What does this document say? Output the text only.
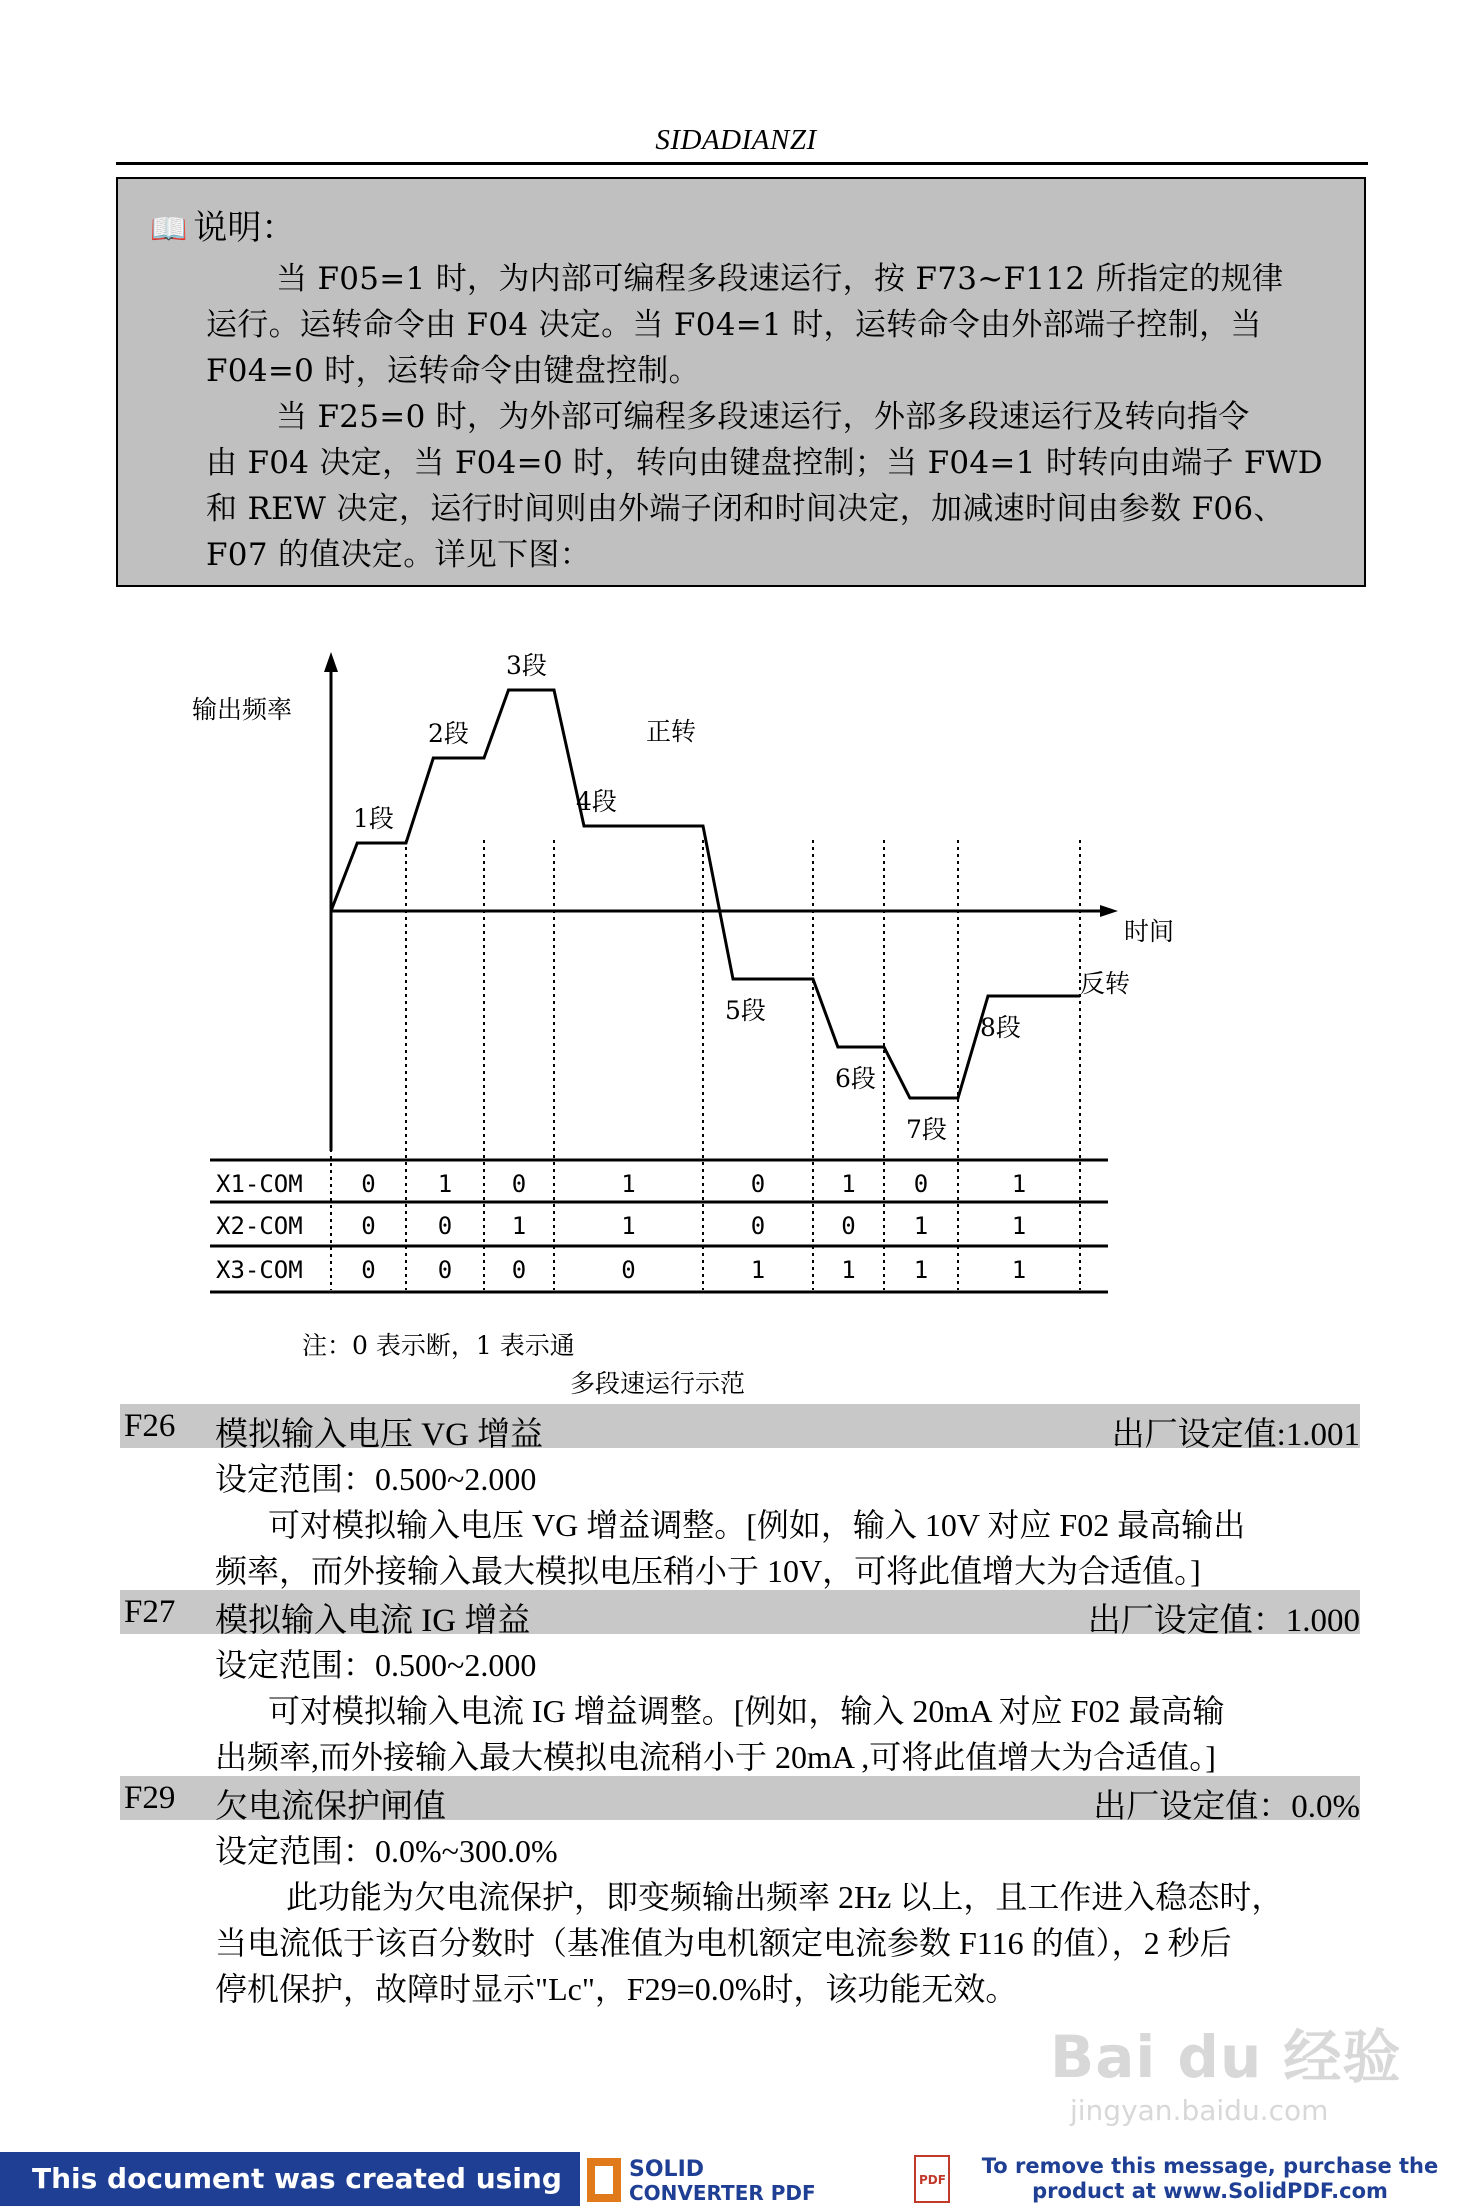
SIDADIANZI
📖 说明：
当 F05=1 时，为内部可编程多段速运行，按 F73~F112 所指定的规律
运行。运转命令由 F04 决定。当 F04=1 时，运转命令由外部端子控制，当
F04=0 时，运转命令由键盘控制。
当 F25=0 时，为外部可编程多段速运行，外部多段速运行及转向指令
由 F04 决定，当 F04=0 时，转向由键盘控制；当 F04=1 时转向由端子 FWD
和 REW 决定，运行时间则由外端子闭和时间决定，加减速时间由参数 F06、
F07 的值决定。详见下图：
1段
2段
3段
4段
5段
6段
7段
8段
X1-COM 0	1 0	1	0	1 0	1
X2-COM 0	0 1	1	0	0 1	1
X3-COM 0	0 0	0	1	1 1	1
输出频率
时间
正转
反转
注：0 表示断，1 表示通
多段速运行示范
F26 模拟输入电压 VG 增益	出厂设定值:1.001
设定范围：0.500~2.000
可对模拟输入电压 VG 增益调整。[例如，输入 10V 对应 F02 最高输出
频率，而外接输入最大模拟电压稍小于 10V，可将此值增大为合适值。]
F27 模拟输入电流 IG 增益	出厂设定值：1.000
设定范围：0.500~2.000
可对模拟输入电流 IG 增益调整。[例如，输入 20mA 对应 F02 最高输
出频率,而外接输入最大模拟电流稍小于 20mA ,可将此值增大为合适值。]
F29 欠电流保护闸值	出厂设定值：0.0%
设定范围：0.0%~300.0%
此功能为欠电流保护，即变频输出频率 2Hz 以上，且工作进入稳态时，
当电流低于该百分数时（基准值为电机额定电流参数 F116 的值），2 秒后
停机保护，故障时显示"Lc"，F29=0.0%时，该功能无效。
Bai du 经验
jingyan.baidu.com
This document was created using	SOLID
CONVERTER PDF
PDF
To remove this message, purchase the
product at www.SolidPDF.com
